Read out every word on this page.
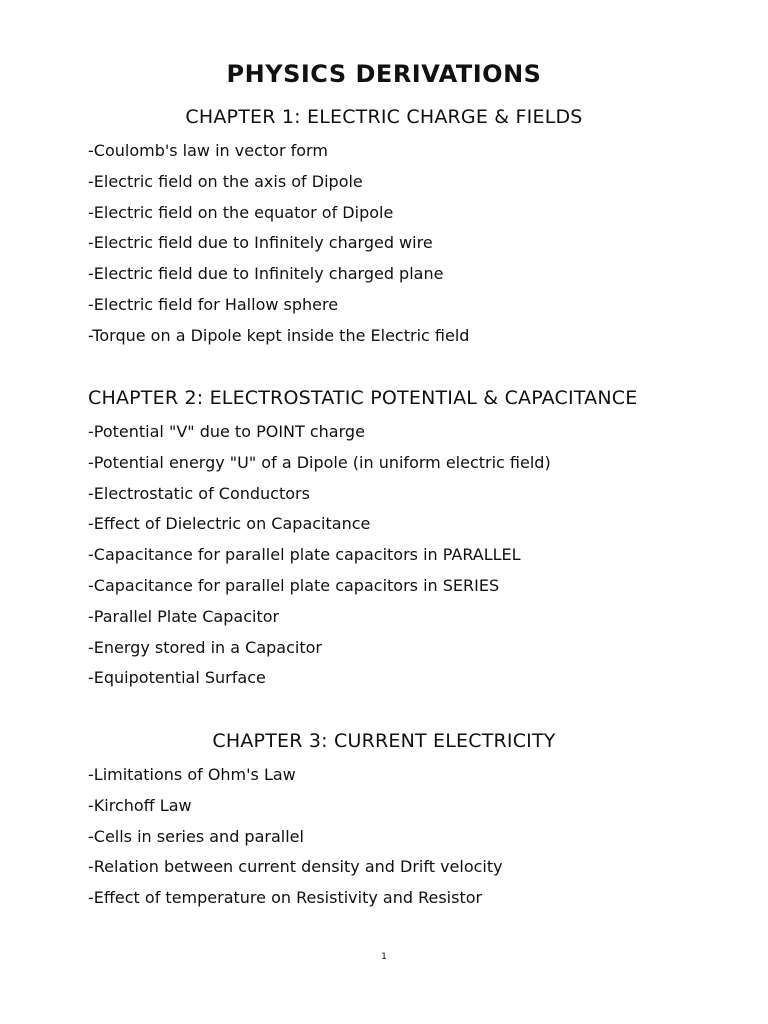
PHYSICS DERIVATIONS
CHAPTER 1: ELECTRIC CHARGE & FIELDS
-Coulomb's law in vector form
-Electric field on the axis of Dipole
-Electric field on the equator of Dipole
-Electric field due to Infinitely charged wire
-Electric field due to Infinitely charged plane
-Electric field for Hallow sphere
-Torque on a Dipole kept inside the Electric field
CHAPTER 2: ELECTROSTATIC POTENTIAL & CAPACITANCE
-Potential "V" due to POINT charge
-Potential energy "U" of a Dipole (in uniform electric field)
-Electrostatic of Conductors
-Effect of Dielectric on Capacitance
-Capacitance for parallel plate capacitors in PARALLEL
-Capacitance for parallel plate capacitors in SERIES
-Parallel Plate Capacitor
-Energy stored in a Capacitor
-Equipotential Surface
CHAPTER 3: CURRENT ELECTRICITY
-Limitations of Ohm's Law
-Kirchoff Law
-Cells in series and parallel
-Relation between current density and Drift velocity
-Effect of temperature on Resistivity and Resistor
1
